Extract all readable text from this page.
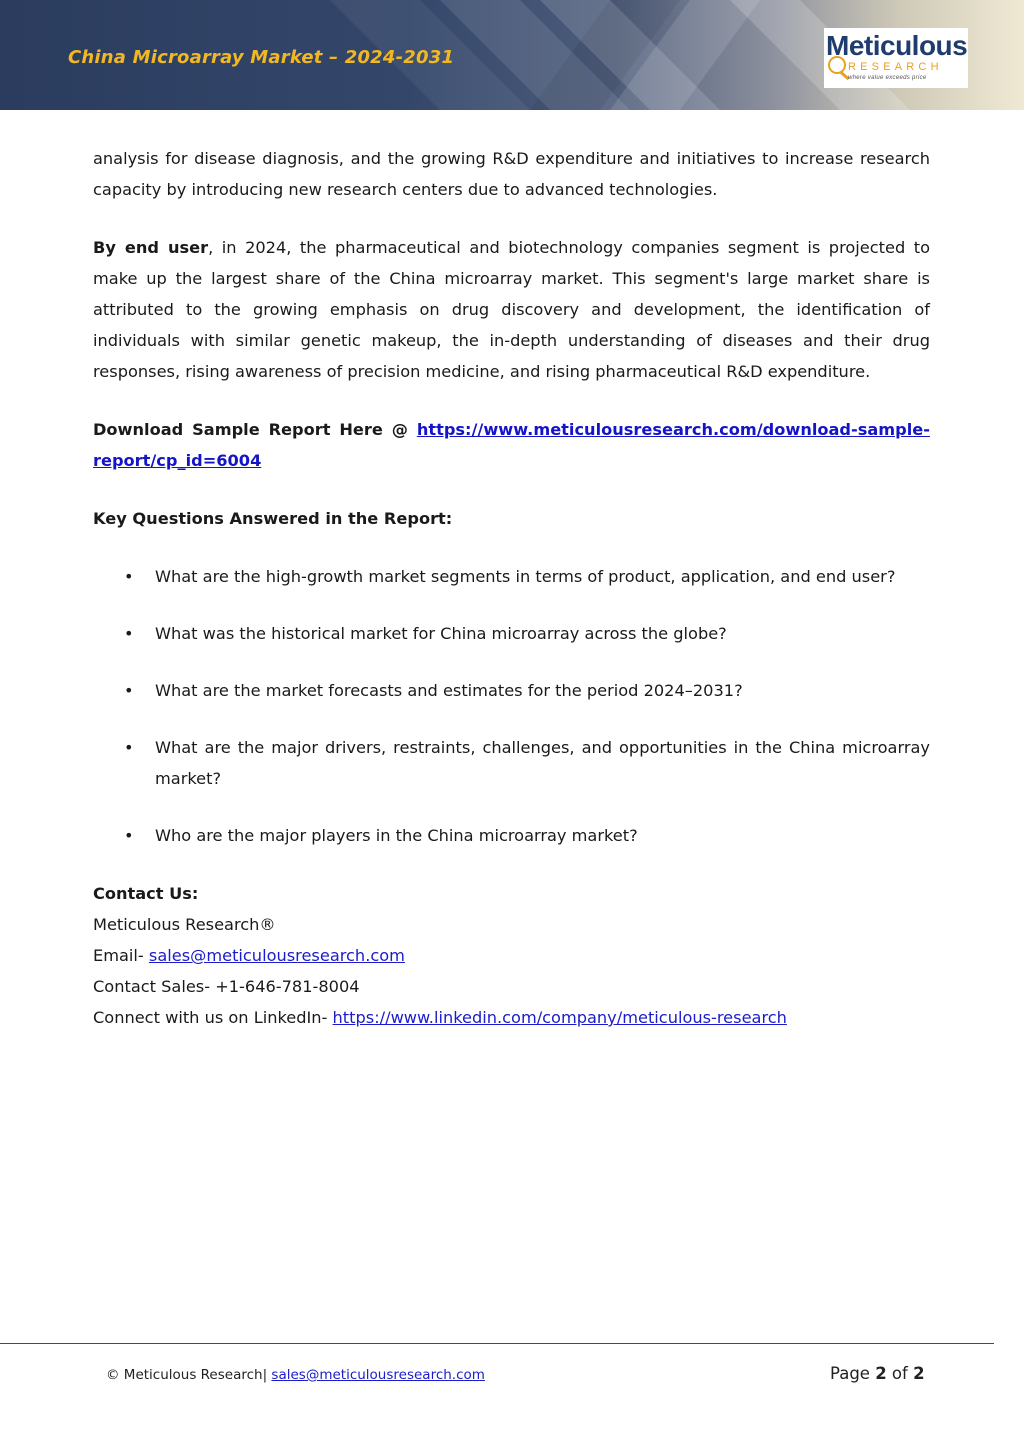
China Microarray Market – 2024-2031	Meticulous
RESEARCH
where value exceeds price

analysis for disease diagnosis, and the growing R&D expenditure and initiatives to increase research capacity by introducing new research centers due to advanced technologies.

By end user, in 2024, the pharmaceutical and biotechnology companies segment is projected to make up the largest share of the China microarray market. This segment's large market share is attributed to the growing emphasis on drug discovery and development, the identification of individuals with similar genetic makeup, the in-depth understanding of diseases and their drug responses, rising awareness of precision medicine, and rising pharmaceutical R&D expenditure.

Download Sample Report Here @ https://www.meticulousresearch.com/download-sample-report/cp_id=6004

Key Questions Answered in the Report:

• What are the high-growth market segments in terms of product, application, and end user?
• What was the historical market for China microarray across the globe?
• What are the market forecasts and estimates for the period 2024–2031?
• What are the major drivers, restraints, challenges, and opportunities in the China microarray market?
• Who are the major players in the China microarray market?

Contact Us:

Meticulous Research®

Email- sales@meticulousresearch.com

Contact Sales- +1-646-781-8004

Connect with us on LinkedIn- https://www.linkedin.com/company/meticulous-research

© Meticulous Research| sales@meticulousresearch.com	Page 2 of 2
